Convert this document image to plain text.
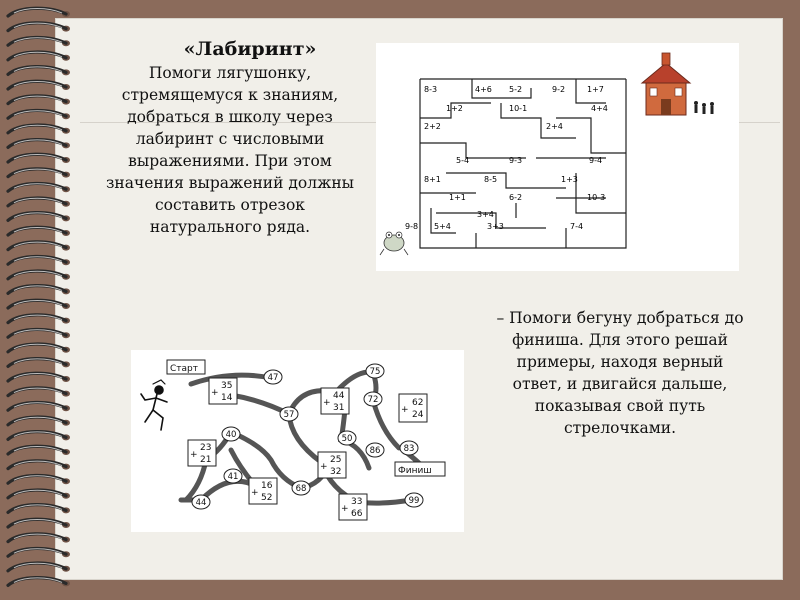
«Лабиринт»
Помоги лягушонку,
стремящемуся к знаниям,
добраться в школу через
лабиринт с числовыми
выражениями. При этом
значения выражений должны
составить отрезок
натурального ряда.
8-3	4+6 5-2	9-2	1+7
1+2	10-1	4+4
2+2	2+4
5-4	9-3	9-4
8+1	8-5	1+3
1+1	6-2	10-3
3+4
9-8 5+4	3+3	7-4
– Помоги бегуну добраться до
финиша. Для этого решай
примеры, находя верный
ответ, и двигайся дальше,
показывая свой путь
стрелочками.
Старт
Финиш
+
35
14	+
44
31	+
62
24
+
23
21
+
25
32
+
16
52
+
33
66
47
57
75
72
40	50
86	83
41
44
68
99
